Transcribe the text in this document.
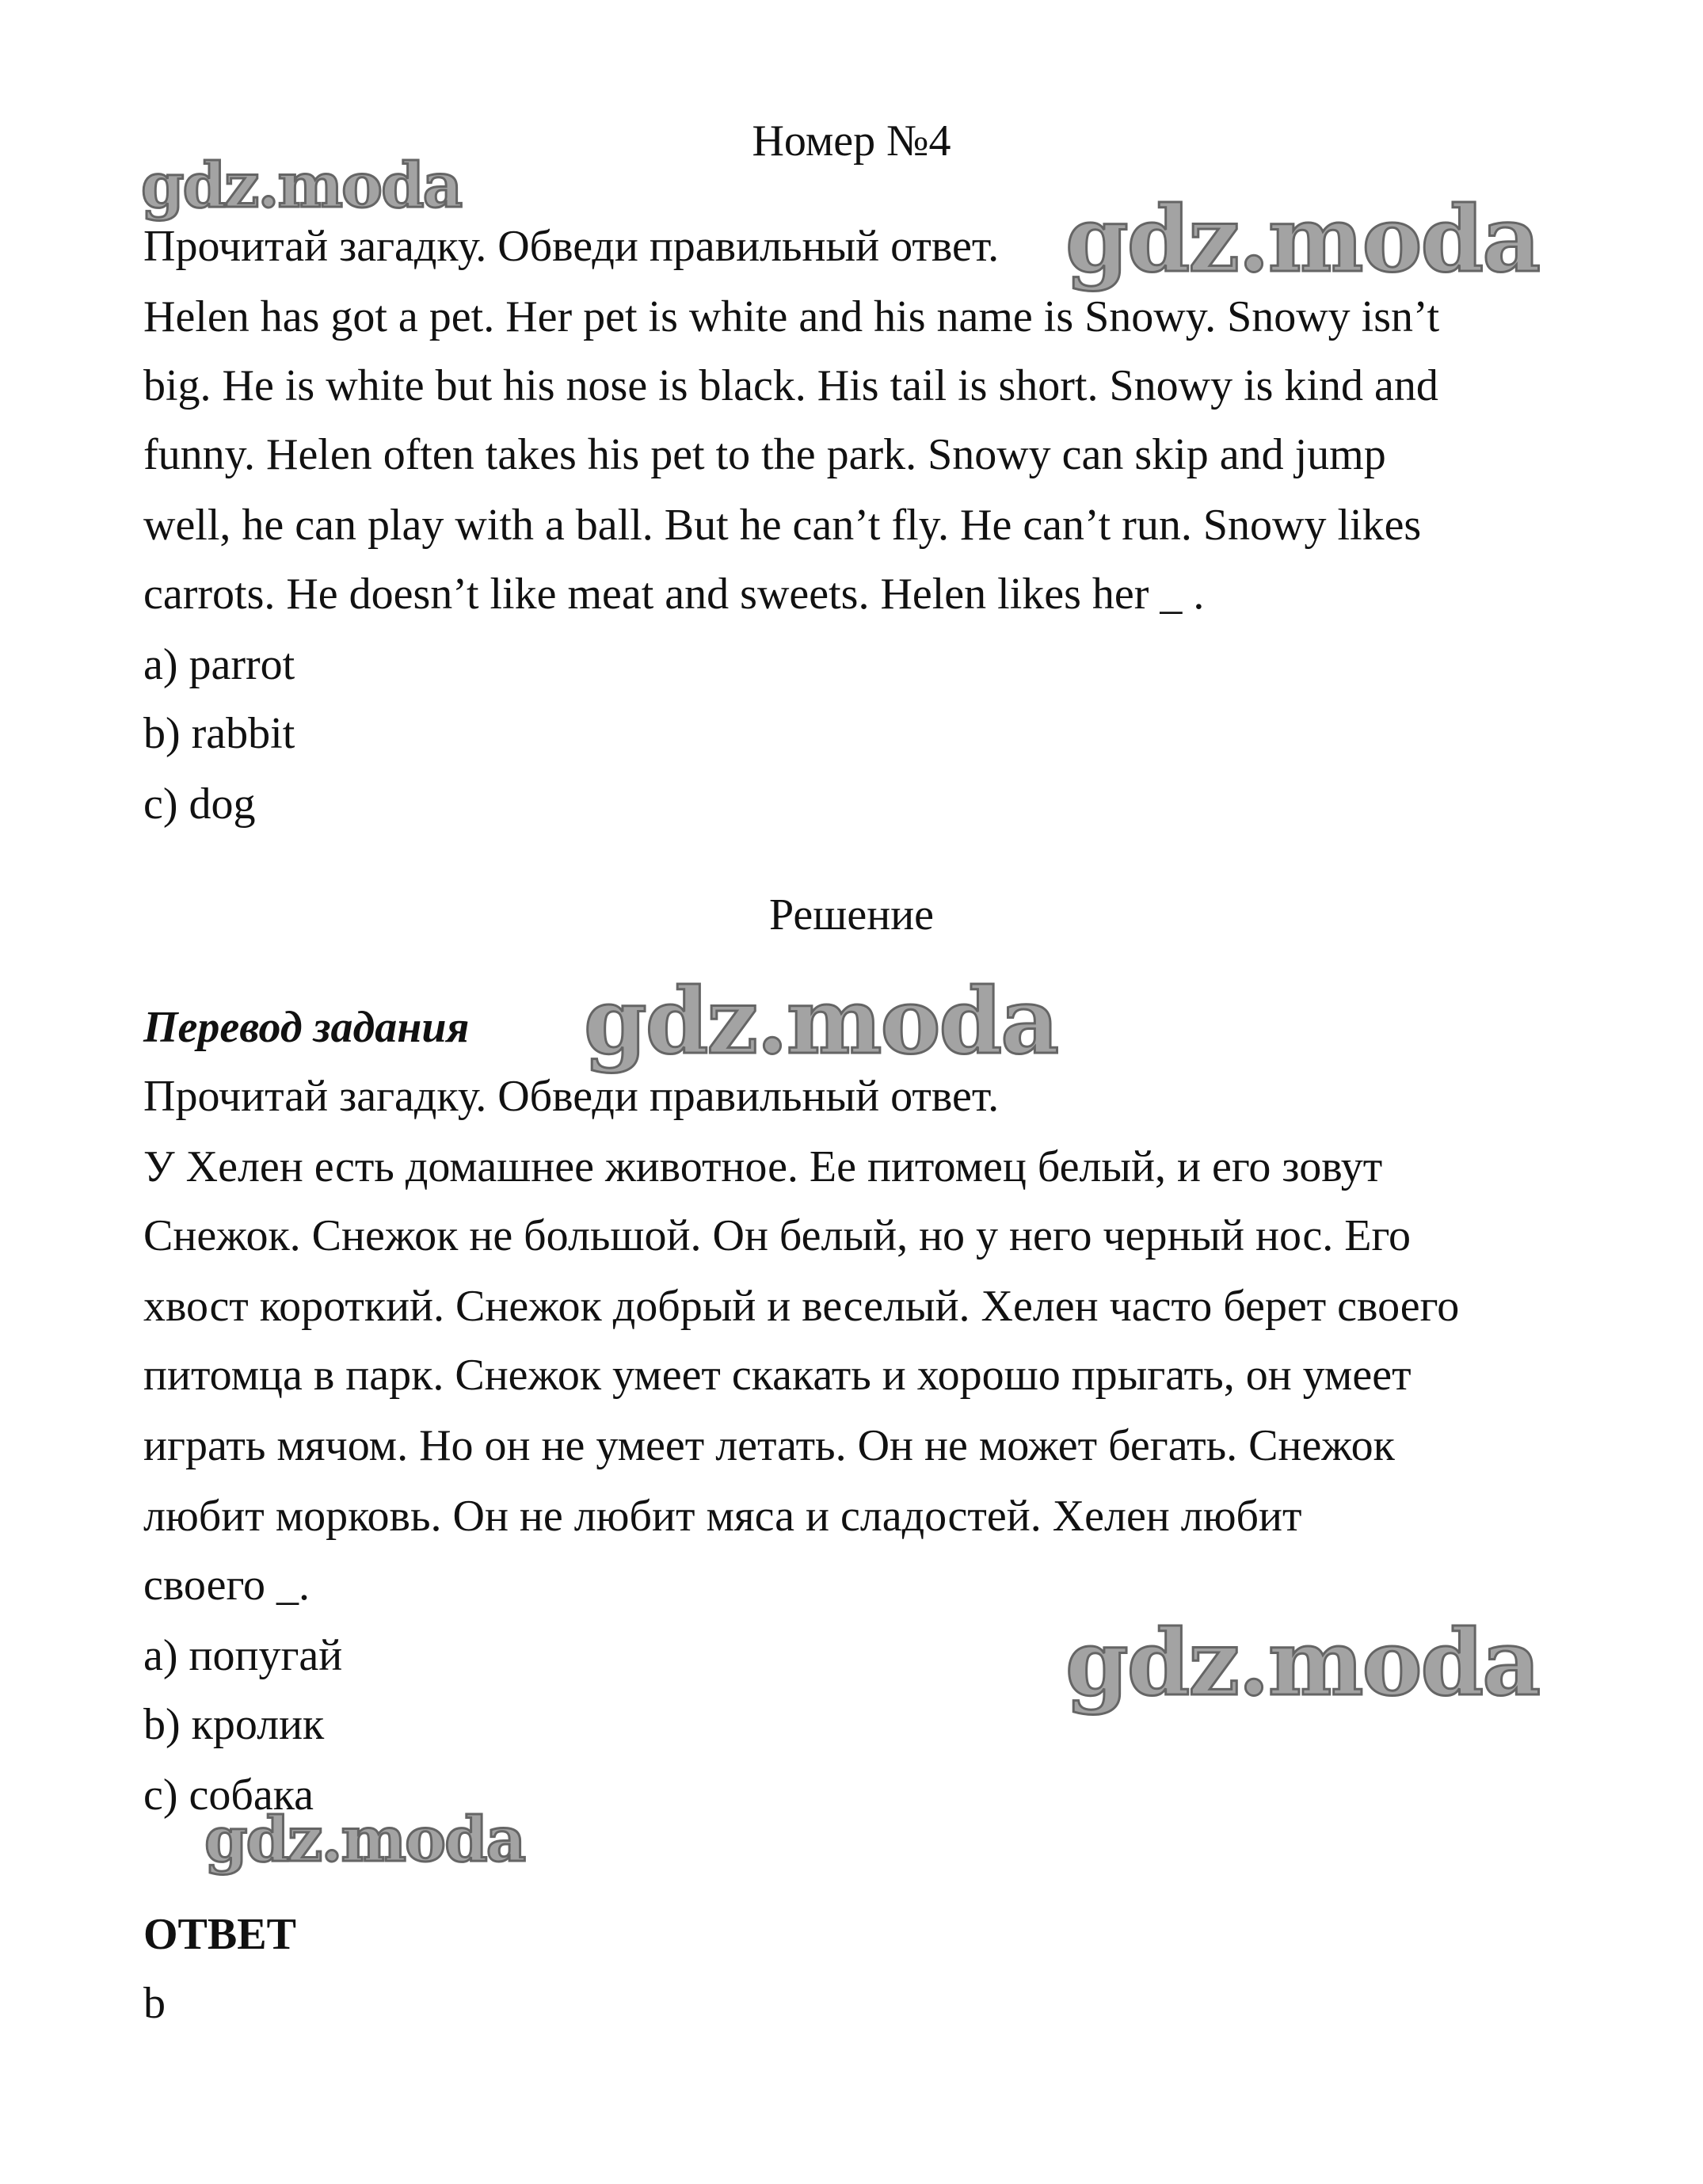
Номер №4
Прочитай загадку. Обведи правильный ответ.
Helen has got a pet. Her pet is white and his name is Snowy. Snowy isn’t
big. He is white but his nose is black. His tail is short. Snowy is kind and
funny. Helen often takes his pet to the park. Snowy can skip and jump
well, he can play with a ball. But he can’t fly. He can’t run. Snowy likes
carrots. He doesn’t like meat and sweets. Helen likes her _ .
a) parrot
b) rabbit
c) dog
Решение
Перевод задания
Прочитай загадку. Обведи правильный ответ.
У Хелен есть домашнее животное. Ее питомец белый, и его зовут
Снежок. Снежок не большой. Он белый, но у него черный нос. Его
хвост короткий. Снежок добрый и веселый. Хелен часто берет своего
питомца в парк. Снежок умеет скакать и хорошо прыгать, он умеет
играть мячом. Но он не умеет летать. Он не может бегать. Снежок
любит морковь. Он не любит мяса и сладостей. Хелен любит
своего _.
a) попугай
b) кролик
c) собака
ОТВЕТ
b
gdz.moda
gdz.moda
gdz.moda
gdz.moda
gdz.moda
